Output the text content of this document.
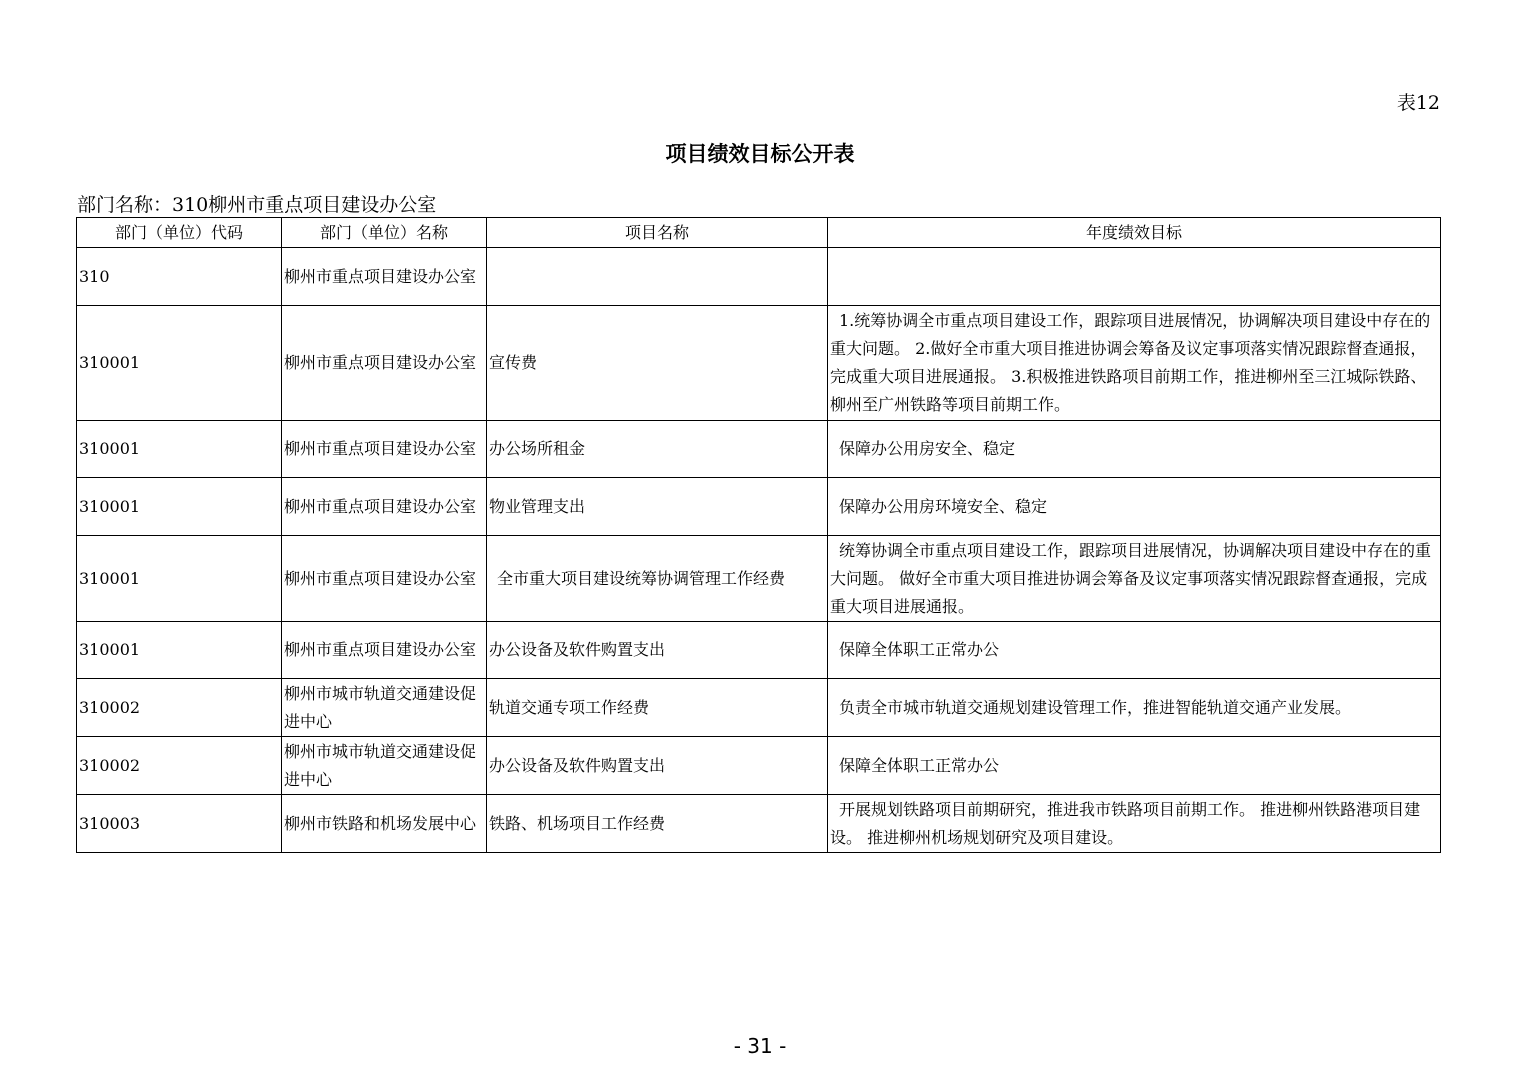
表12
项目绩效目标公开表
部门名称：310柳州市重点项目建设办公室
部门（单位）代码	部门（单位）名称	项目名称	年度绩效目标
310	柳州市重点项目建设办公室		
310001	柳州市重点项目建设办公室	宣传费	1.统筹协调全市重点项目建设工作，跟踪项目进展情况，协调解决项目建设中存在的重大问题。 2.做好全市重大项目推进协调会筹备及议定事项落实情况跟踪督查通报，完成重大项目进展通报。 3.积极推进铁路项目前期工作，推进柳州至三江城际铁路、柳州至广州铁路等项目前期工作。
310001	柳州市重点项目建设办公室	办公场所租金	保障办公用房安全、稳定
310001	柳州市重点项目建设办公室	物业管理支出	保障办公用房环境安全、稳定
310001	柳州市重点项目建设办公室	全市重大项目建设统筹协调管理工作经费	统筹协调全市重点项目建设工作，跟踪项目进展情况，协调解决项目建设中存在的重大问题。 做好全市重大项目推进协调会筹备及议定事项落实情况跟踪督查通报，完成重大项目进展通报。
310001	柳州市重点项目建设办公室	办公设备及软件购置支出	保障全体职工正常办公
310002	柳州市城市轨道交通建设促进中心	轨道交通专项工作经费	负责全市城市轨道交通规划建设管理工作，推进智能轨道交通产业发展。
310002	柳州市城市轨道交通建设促进中心	办公设备及软件购置支出	保障全体职工正常办公
310003	柳州市铁路和机场发展中心	铁路、机场项目工作经费	开展规划铁路项目前期研究，推进我市铁路项目前期工作。 推进柳州铁路港项目建设。 推进柳州机场规划研究及项目建设。
- 31 -
